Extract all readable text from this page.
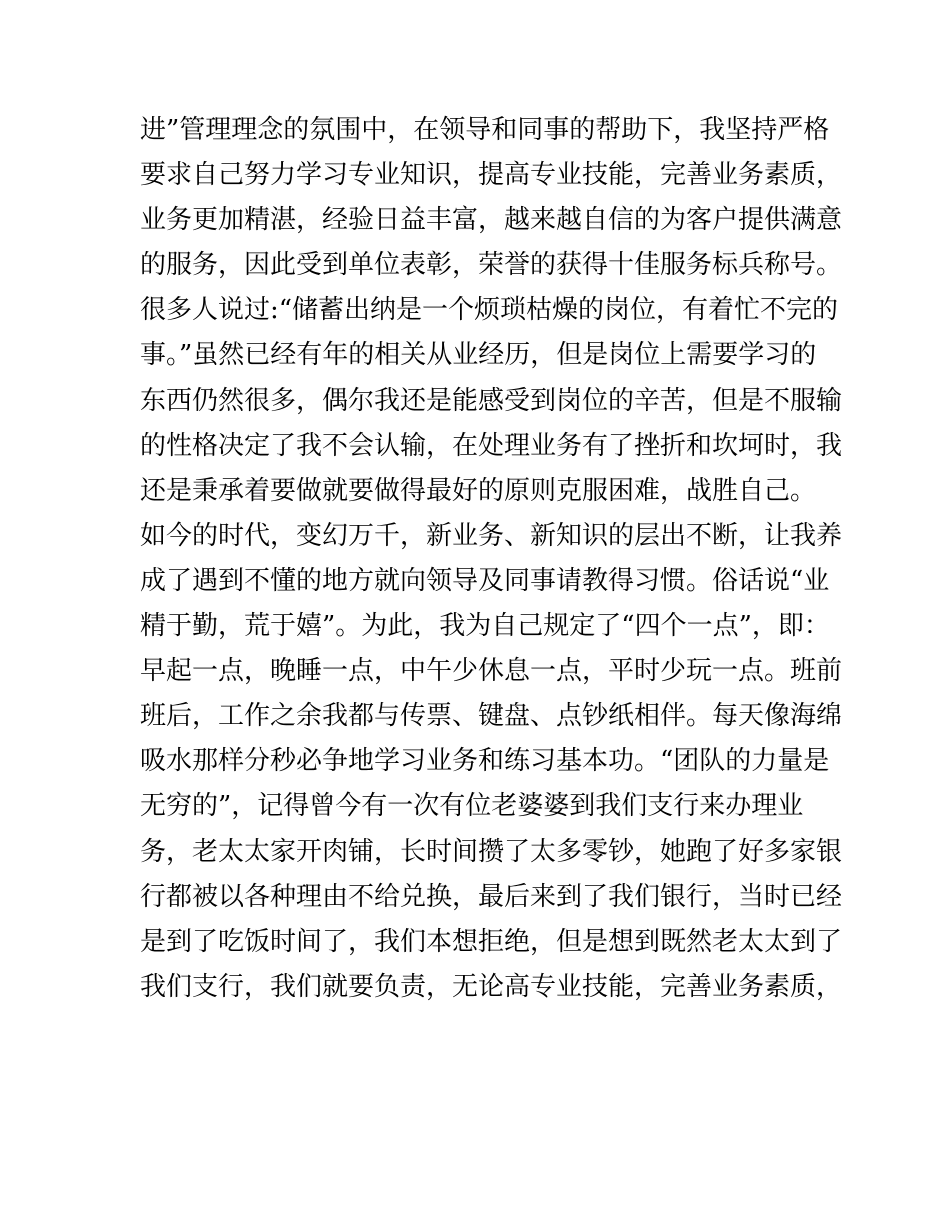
进”管理理念的氛围中，在领导和同事的帮助下，我坚持严格
要求自己努力学习专业知识，提高专业技能，完善业务素质，
业务更加精湛，经验日益丰富，越来越自信的为客户提供满意
的服务，因此受到单位表彰，荣誉的获得十佳服务标兵称号。
很多人说过:“储蓄出纳是一个烦琐枯燥的岗位，有着忙不完的
事。”虽然已经有年的相关从业经历，但是岗位上需要学习的
东西仍然很多，偶尔我还是能感受到岗位的辛苦，但是不服输
的性格决定了我不会认输，在处理业务有了挫折和坎坷时，我
还是秉承着要做就要做得最好的原则克服困难，战胜自己。
如今的时代，变幻万千，新业务、新知识的层出不断，让我养
成了遇到不懂的地方就向领导及同事请教得习惯。俗话说“业
精于勤，荒于嬉”。为此，我为自己规定了“四个一点”，即：
早起一点，晚睡一点，中午少休息一点，平时少玩一点。班前
班后，工作之余我都与传票、键盘、点钞纸相伴。每天像海绵
吸水那样分秒必争地学习业务和练习基本功。“团队的力量是
无穷的”，记得曾今有一次有位老婆婆到我们支行来办理业
务，老太太家开肉铺，长时间攒了太多零钞，她跑了好多家银
行都被以各种理由不给兑换，最后来到了我们银行，当时已经
是到了吃饭时间了，我们本想拒绝，但是想到既然老太太到了
我们支行，我们就要负责，无论高专业技能，完善业务素质，
